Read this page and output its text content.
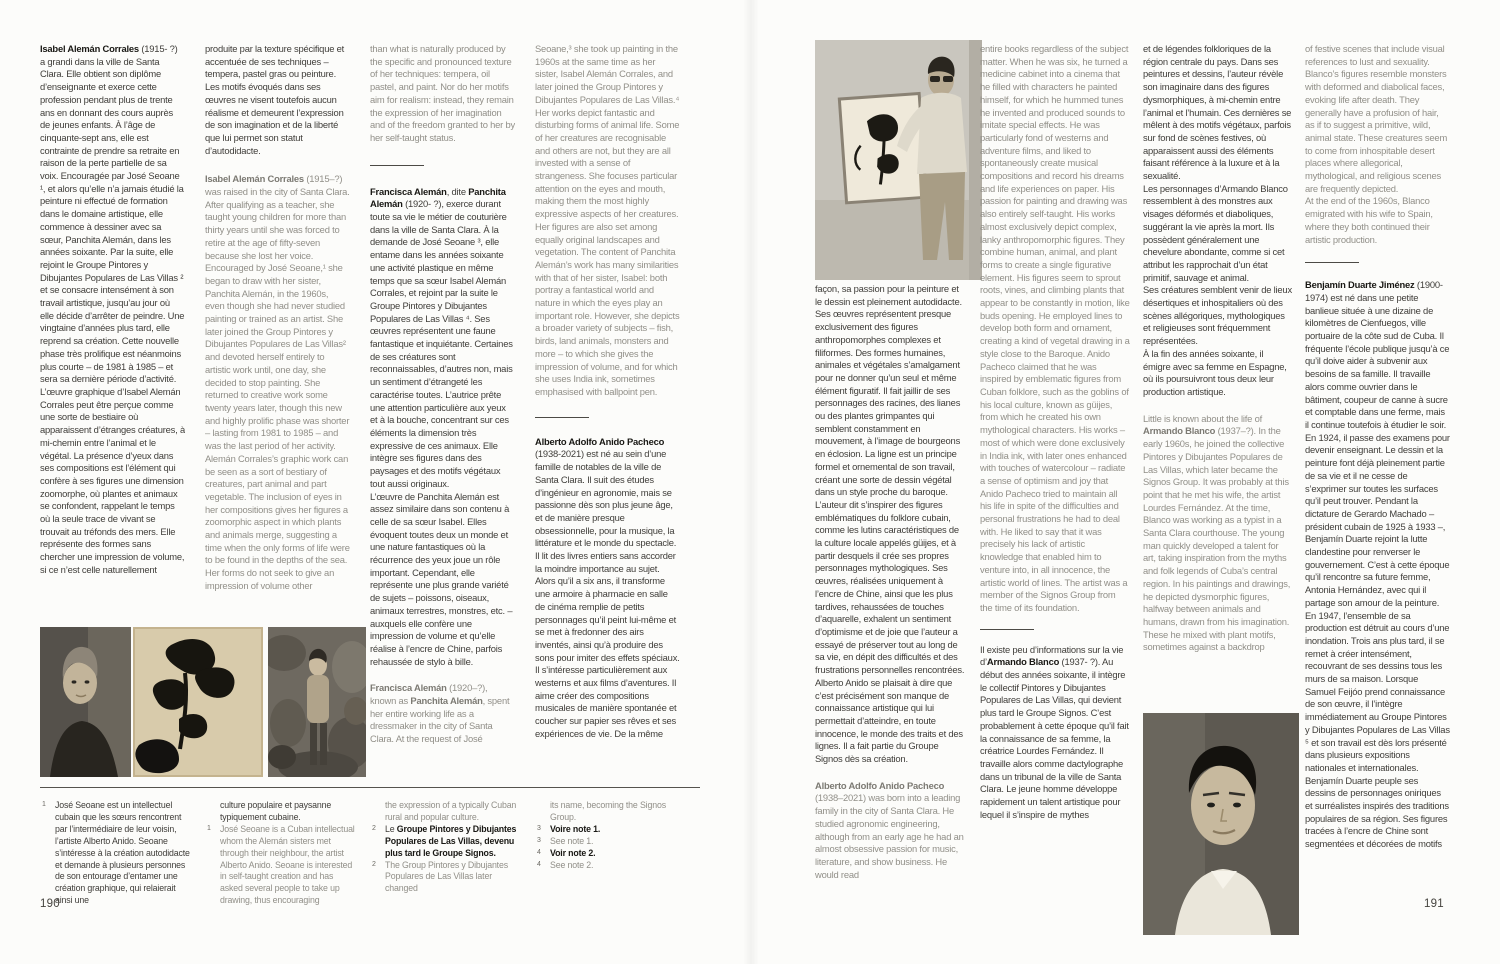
Isabel Alemán Corrales (1915- ?) a grandi dans la ville de Santa Clara. Elle obtient son diplôme d’enseignante et exerce cette profession pendant plus de trente ans en donnant des cours auprès de jeunes enfants. À l’âge de cinquante-sept ans, elle est contrainte de prendre sa retraite en raison de la perte partielle de sa voix. Encouragée par José Seoane ¹, et alors qu’elle n’a jamais étudié la peinture ni effectué de formation dans le domaine artistique, elle commence à dessiner avec sa sœur, Panchita Alemán, dans les années soixante. Par la suite, elle rejoint le Groupe Pintores y Dibujantes Populares de Las Villas ² et se consacre intensément à son travail artistique, jusqu’au jour où elle décide d’arrêter de peindre. Une vingtaine d’années plus tard, elle reprend sa création. Cette nouvelle phase très prolifique est néanmoins plus courte – de 1981 à 1985 – et sera sa dernière période d’activité. L’œuvre graphique d’Isabel Alemán Corrales peut être perçue comme une sorte de bestiaire où apparaissent d’étranges créatures, à mi-chemin entre l’animal et le végétal. La présence d’yeux dans ses compositions est l’élément qui confère à ses figures une dimension zoomorphe, où plantes et animaux se confondent, rappelant le temps où la seule trace de vivant se trouvait au tréfonds des mers. Elle représente des formes sans chercher une impression de volume, si ce n’est celle naturellement

produite par la texture spécifique et accentuée de ses techniques – tempera, pastel gras ou peinture. Les motifs évoqués dans ses œuvres ne visent toutefois aucun réalisme et demeurent l’expression de son imagination et de la liberté que lui permet son statut d’autodidacte.

Isabel Alemán Corrales (1915–?) was raised in the city of Santa Clara. After qualifying as a teacher, she taught young children for more than thirty years until she was forced to retire at the age of fifty-seven because she lost her voice. Encouraged by José Seoane,¹ she began to draw with her sister, Panchita Alemán, in the 1960s, even though she had never studied painting or trained as an artist. She later joined the Group Pintores y Dibujantes Populares de Las Villas² and devoted herself entirely to artistic work until, one day, she decided to stop painting. She returned to creative work some twenty years later, though this new and highly prolific phase was shorter – lasting from 1981 to 1985 – and was the last period of her activity. Alemán Corrales’s graphic work can be seen as a sort of bestiary of creatures, part animal and part vegetable. The inclusion of eyes in her compositions gives her figures a zoomorphic aspect in which plants and animals merge, suggesting a time when the only forms of life were to be found in the depths of the sea. Her forms do not seek to give an impression of volume other

than what is naturally produced by the specific and pronounced texture of her techniques: tempera, oil pastel, and paint. Nor do her motifs aim for realism: instead, they remain the expression of her imagination and of the freedom granted to her by her self-taught status.

Francisca Alemán, dite Panchita Alemán (1920- ?), exerce durant toute sa vie le métier de couturière dans la ville de Santa Clara. À la demande de José Seoane ³, elle entame dans les années soixante une activité plastique en même temps que sa sœur Isabel Alemán Corrales, et rejoint par la suite le Groupe Pintores y Dibujantes Populares de Las Villas ⁴. Ses œuvres représentent une faune fantastique et inquiétante. Certaines de ses créatures sont reconnaissables, d’autres non, mais un sentiment d’étrangeté les caractérise toutes. L’autrice prête une attention particulière aux yeux et à la bouche, concentrant sur ces éléments la dimension très expressive de ces animaux. Elle intègre ses figures dans des paysages et des motifs végétaux tout aussi originaux.

L’œuvre de Panchita Alemán est assez similaire dans son contenu à celle de sa sœur Isabel. Elles évoquent toutes deux un monde et une nature fantastiques où la récurrence des yeux joue un rôle important. Cependant, elle représente une plus grande variété de sujets – poissons, oiseaux, animaux terrestres, monstres, etc. – auxquels elle confère une impression de volume et qu’elle réalise à l’encre de Chine, parfois rehaussée de stylo à bille.

Francisca Alemán (1920–?), known as Panchita Alemán, spent her entire working life as a dressmaker in the city of Santa Clara. At the request of José

Seoane,³ she took up painting in the 1960s at the same time as her sister, Isabel Alemán Corrales, and later joined the Group Pintores y Dibujantes Populares de Las Villas.⁴ Her works depict fantastic and disturbing forms of animal life. Some of her creatures are recognisable and others are not, but they are all invested with a sense of strangeness. She focuses particular attention on the eyes and mouth, making them the most highly expressive aspects of her creatures. Her figures are also set among equally original landscapes and vegetation. The content of Panchita Alemán’s work has many similarities with that of her sister, Isabel: both portray a fantastical world and nature in which the eyes play an important role. However, she depicts a broader variety of subjects – fish, birds, land animals, monsters and more – to which she gives the impression of volume, and for which she uses India ink, sometimes emphasised with ballpoint pen.

Alberto Adolfo Anido Pacheco (1938-2021) est né au sein d’une famille de notables de la ville de Santa Clara. Il suit des études d’ingénieur en agronomie, mais se passionne dès son plus jeune âge, et de manière presque obsessionnelle, pour la musique, la littérature et le monde du spectacle. Il lit des livres entiers sans accorder la moindre importance au sujet. Alors qu’il a six ans, il transforme une armoire à pharmacie en salle de cinéma remplie de petits personnages qu’il peint lui-même et se met à fredonner des airs inventés, ainsi qu’à produire des sons pour imiter des effets spéciaux. Il s’intéresse particulièrement aux westerns et aux films d’aventures. Il aime créer des compositions musicales de manière spontanée et coucher sur papier ses rêves et ses expériences de vie. De la même

1 José Seoane est un intellectuel cubain que les sœurs rencontrent par l’intermédiaire de leur voisin, l’artiste Alberto Anido. Seoane s’intéresse à la création autodidacte et demande à plusieurs personnes de son entourage d’entamer une création graphique, qui relaierait ainsi une

culture populaire et paysanne typiquement cubaine.

1 José Seoane is a Cuban intellectual whom the Alemán sisters met through their neighbour, the artist Alberto Anido. Seoane is interested in self-taught creation and has asked several people to take up drawing, thus encouraging

the expression of a typically Cuban rural and popular culture.

2 Le Groupe Pintores y Dibujantes Populares de Las Villas, devenu plus tard le Groupe Signos.

2 The Group Pintores y Dibujantes Populares de Las Villas later changed

its name, becoming the Signos Group.

3 Voire note 1.

3 See note 1.

4 Voir note 2.

4 See note 2.

190

façon, sa passion pour la peinture et le dessin est pleinement autodidacte. Ses œuvres représentent presque exclusivement des figures anthropomorphes complexes et filiformes. Des formes humaines, animales et végétales s’amalgament pour ne donner qu’un seul et même élément figuratif. Il fait jaillir de ses personnages des racines, des lianes ou des plantes grimpantes qui semblent constamment en mouvement, à l’image de bourgeons en éclosion. La ligne est un principe formel et ornemental de son travail, créant une sorte de dessin végétal dans un style proche du baroque. L’auteur dit s’inspirer des figures emblématiques du folklore cubain, comme les lutins caractéristiques de la culture locale appelés güijes, et à partir desquels il crée ses propres personnages mythologiques. Ses œuvres, réalisées uniquement à l’encre de Chine, ainsi que les plus tardives, rehaussées de touches d’aquarelle, exhalent un sentiment d’optimisme et de joie que l’auteur a essayé de préserver tout au long de sa vie, en dépit des difficultés et des frustrations personnelles rencontrées. Alberto Anido se plaisait à dire que c’est précisément son manque de connaissance artistique qui lui permettait d’atteindre, en toute innocence, le monde des traits et des lignes. Il a fait partie du Groupe Signos dès sa création.

Alberto Adolfo Anido Pacheco (1938–2021) was born into a leading family in the city of Santa Clara. He studied agronomic engineering, although from an early age he had an almost obsessive passion for music, literature, and show business. He would read

entire books regardless of the subject matter. When he was six, he turned a medicine cabinet into a cinema that he filled with characters he painted himself, for which he hummed tunes he invented and produced sounds to imitate special effects. He was particularly fond of westerns and adventure films, and liked to spontaneously create musical compositions and record his dreams and life experiences on paper. His passion for painting and drawing was also entirely self-taught. His works almost exclusively depict complex, lanky anthropomorphic figures. They combine human, animal, and plant forms to create a single figurative element. His figures seem to sprout roots, vines, and climbing plants that appear to be constantly in motion, like buds opening. He employed lines to develop both form and ornament, creating a kind of vegetal drawing in a style close to the Baroque. Anido Pacheco claimed that he was inspired by emblematic figures from Cuban folklore, such as the goblins of his local culture, known as güijes, from which he created his own mythological characters. His works – most of which were done exclusively in India ink, with later ones enhanced with touches of watercolour – radiate a sense of optimism and joy that Anido Pacheco tried to maintain all his life in spite of the difficulties and personal frustrations he had to deal with. He liked to say that it was precisely his lack of artistic knowledge that enabled him to venture into, in all innocence, the artistic world of lines. The artist was a member of the Signos Group from the time of its foundation.

Il existe peu d’informations sur la vie d’Armando Blanco (1937- ?). Au début des années soixante, il intègre le collectif Pintores y Dibujantes Populares de Las Villas, qui devient plus tard le Groupe Signos. C’est probablement à cette époque qu’il fait la connaissance de sa femme, la créatrice Lourdes Fernández. Il travaille alors comme dactylographe dans un tribunal de la ville de Santa Clara. Le jeune homme développe rapidement un talent artistique pour lequel il s’inspire de mythes

et de légendes folkloriques de la région centrale du pays. Dans ses peintures et dessins, l’auteur révèle son imaginaire dans des figures dysmorphiques, à mi-chemin entre l’animal et l’humain. Ces dernières se mêlent à des motifs végétaux, parfois sur fond de scènes festives, où apparaissent aussi des éléments faisant référence à la luxure et à la sexualité.

Les personnages d’Armando Blanco ressemblent à des monstres aux visages déformés et diaboliques, suggérant la vie après la mort. Ils possèdent généralement une chevelure abondante, comme si cet attribut les rapprochait d’un état primitif, sauvage et animal.

Ses créatures semblent venir de lieux désertiques et inhospitaliers où des scènes allégoriques, mythologiques et religieuses sont fréquemment représentées.

À la fin des années soixante, il émigre avec sa femme en Espagne, où ils poursuivront tous deux leur production artistique.

Little is known about the life of Armando Blanco (1937–?). In the early 1960s, he joined the collective Pintores y Dibujantes Populares de Las Villas, which later became the Signos Group. It was probably at this point that he met his wife, the artist Lourdes Fernández. At the time, Blanco was working as a typist in a Santa Clara courthouse. The young man quickly developed a talent for art, taking inspiration from the myths and folk legends of Cuba’s central region. In his paintings and drawings, he depicted dysmorphic figures, halfway between animals and humans, drawn from his imagination. These he mixed with plant motifs, sometimes against a backdrop

of festive scenes that include visual references to lust and sexuality. Blanco’s figures resemble monsters with deformed and diabolical faces, evoking life after death. They generally have a profusion of hair, as if to suggest a primitive, wild, animal state. These creatures seem to come from inhospitable desert places where allegorical, mythological, and religious scenes are frequently depicted.

At the end of the 1960s, Blanco emigrated with his wife to Spain, where they both continued their artistic production.

Benjamín Duarte Jiménez (1900-1974) est né dans une petite banlieue située à une dizaine de kilomètres de Cienfuegos, ville portuaire de la côte sud de Cuba. Il fréquente l’école publique jusqu’à ce qu’il doive aider à subvenir aux besoins de sa famille. Il travaille alors comme ouvrier dans le bâtiment, coupeur de canne à sucre et comptable dans une ferme, mais il continue toutefois à étudier le soir. En 1924, il passe des examens pour devenir enseignant. Le dessin et la peinture font déjà pleinement partie de sa vie et il ne cesse de s’exprimer sur toutes les surfaces qu’il peut trouver. Pendant la dictature de Gerardo Machado – président cubain de 1925 à 1933 –, Benjamín Duarte rejoint la lutte clandestine pour renverser le gouvernement. C’est à cette époque qu’il rencontre sa future femme, Antonia Hernández, avec qui il partage son amour de la peinture. En 1947, l’ensemble de sa production est détruit au cours d’une inondation. Trois ans plus tard, il se remet à créer intensément, recouvrant de ses dessins tous les murs de sa maison. Lorsque Samuel Feijóo prend connaissance de son œuvre, il l’intègre immédiatement au Groupe Pintores y Dibujantes Populares de Las Villas ⁵ et son travail est dès lors présenté dans plusieurs expositions nationales et internationales.

Benjamín Duarte peuple ses dessins de personnages oniriques et surréalistes inspirés des traditions populaires de sa région. Ses figures tracées à l’encre de Chine sont segmentées et décorées de motifs

191
